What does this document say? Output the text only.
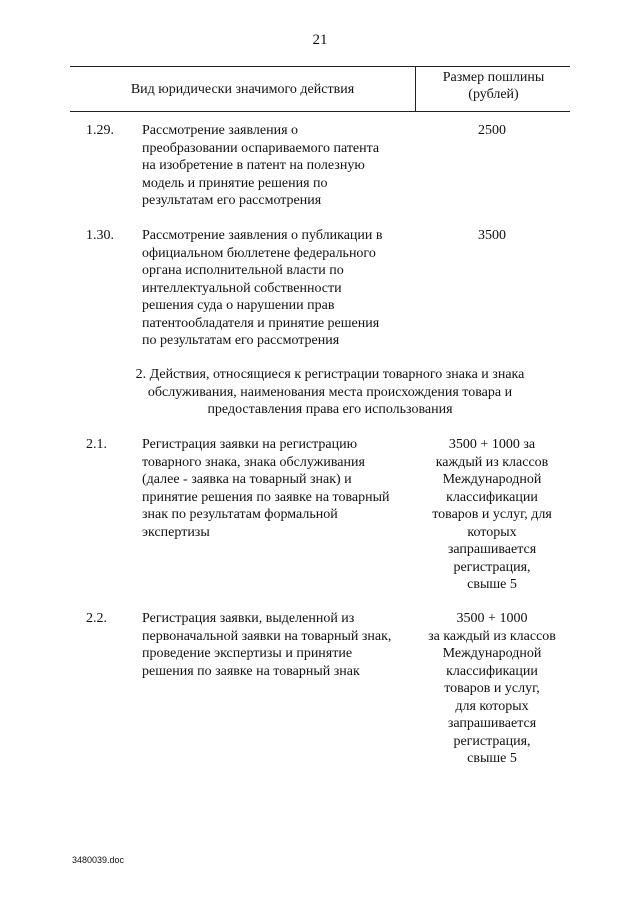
21
Вид юридически значимого действия
Размер пошлины
(рублей)
1.29. Рассмотрение заявления о
преобразовании оспариваемого патента
на изобретение в патент на полезную
модель и принятие решения по
результатам его рассмотрения
2500
1.30. Рассмотрение заявления о публикации в
официальном бюллетене федерального
органа исполнительной власти по
интеллектуальной собственности
решения суда о нарушении прав
патентообладателя и принятие решения
по результатам его рассмотрения
3500
2. Действия, относящиеся к регистрации товарного знака и знака
обслуживания, наименования места происхождения товара и
предоставления права его использования
2.1.	Регистрация заявки на регистрацию
товарного знака, знака обслуживания
(далее - заявка на товарный знак) и
принятие решения по заявке на товарный
знак по результатам формальной
экспертизы
3500 + 1000 за
каждый из классов
Международной
классификации
товаров и услуг, для
которых
запрашивается
регистрация,
свыше 5
2.2.	Регистрация заявки, выделенной из
первоначальной заявки на товарный знак,
проведение экспертизы и принятие
решения по заявке на товарный знак
3500 + 1000
за каждый из классов
Международной
классификации
товаров и услуг,
для которых
запрашивается
регистрация,
свыше 5
3480039.doc
